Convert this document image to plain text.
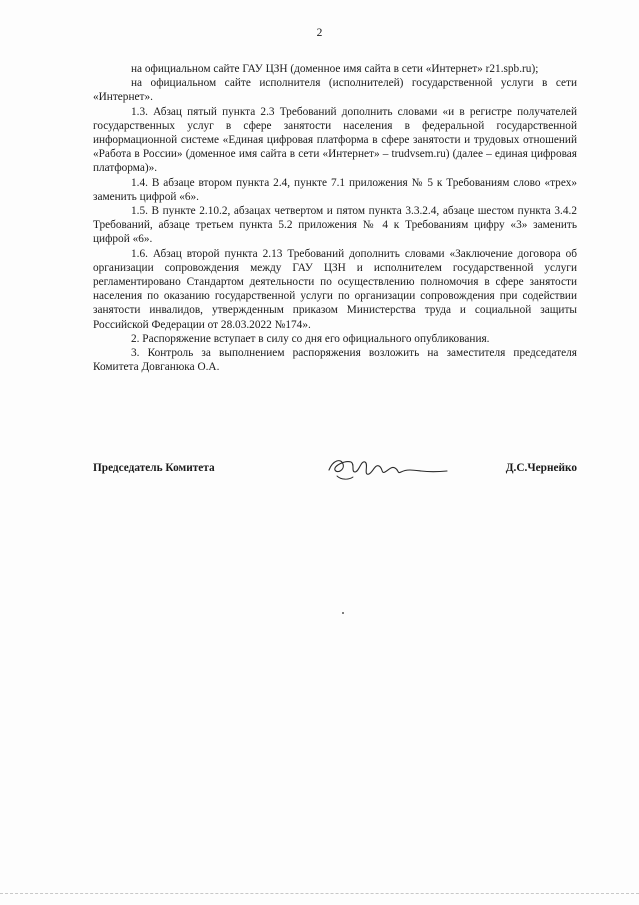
2

на официальном сайте ГАУ ЦЗН (доменное имя сайта в сети «Интернет» r21.spb.ru);

на официальном сайте исполнителя (исполнителей) государственной услуги в сети «Интернет».

1.3. Абзац пятый пункта 2.3 Требований дополнить словами «и в регистре получателей государственных услуг в сфере занятости населения в федеральной государственной информационной системе «Единая цифровая платформа в сфере занятости и трудовых отношений «Работа в России» (доменное имя сайта в сети «Интернет» – trudvsem.ru) (далее – единая цифровая платформа)».

1.4. В абзаце втором пункта 2.4, пункте 7.1 приложения № 5 к Требованиям слово «трех» заменить цифрой «6».

1.5. В пункте 2.10.2, абзацах четвертом и пятом пункта 3.3.2.4, абзаце шестом пункта 3.4.2 Требований, абзаце третьем пункта 5.2 приложения № 4 к Требованиям цифру «3» заменить цифрой «6».

1.6. Абзац второй пункта 2.13 Требований дополнить словами «Заключение договора об организации сопровождения между ГАУ ЦЗН и исполнителем государственной услуги регламентировано Стандартом деятельности по осуществлению полномочия в сфере занятости населения по оказанию государственной услуги по организации сопровождения при содействии занятости инвалидов, утвержденным приказом Министерства труда и социальной защиты Российской Федерации от 28.03.2022 №174».

2. Распоряжение вступает в силу со дня его официального опубликования.

3. Контроль за выполнением распоряжения возложить на заместителя председателя Комитета Довганюка О.А.

Председатель Комитета	Д.С.Чернейко
